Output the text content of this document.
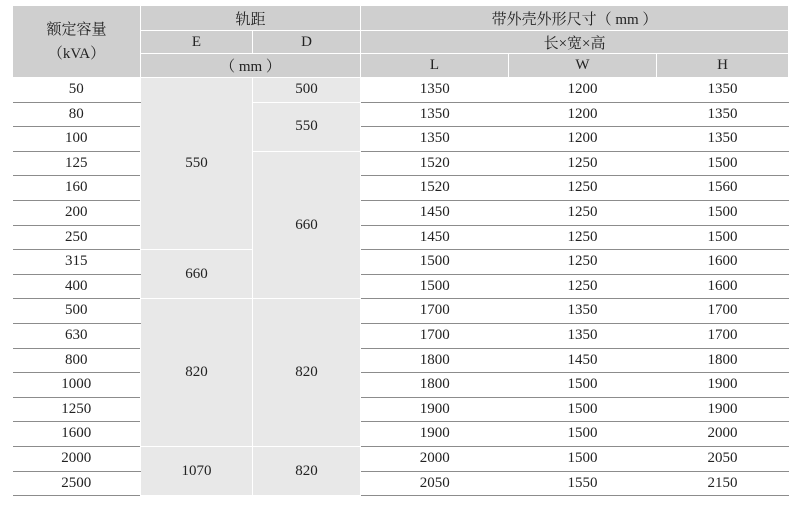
额定容量
（kVA）	轨距		带外壳外形尺寸（ mm ）		
	E	D	长×宽×高		
	（ mm ）		L	W	H
50	550	500	1350	1200	1350
80		550	1350	1200	1350
100			1350	1200	1350
125		660	1520	1250	1500
160			1520	1250	1560
200			1450	1250	1500
250			1450	1250	1500
315	660		1500	1250	1600
400			1500	1250	1600
500	820	820	1700	1350	1700
630			1700	1350	1700
800			1800	1450	1800
1000			1800	1500	1900
1250			1900	1500	1900
1600			1900	1500	2000
2000	1070	820	2000	1500	2050
2500			2050	1550	2150
